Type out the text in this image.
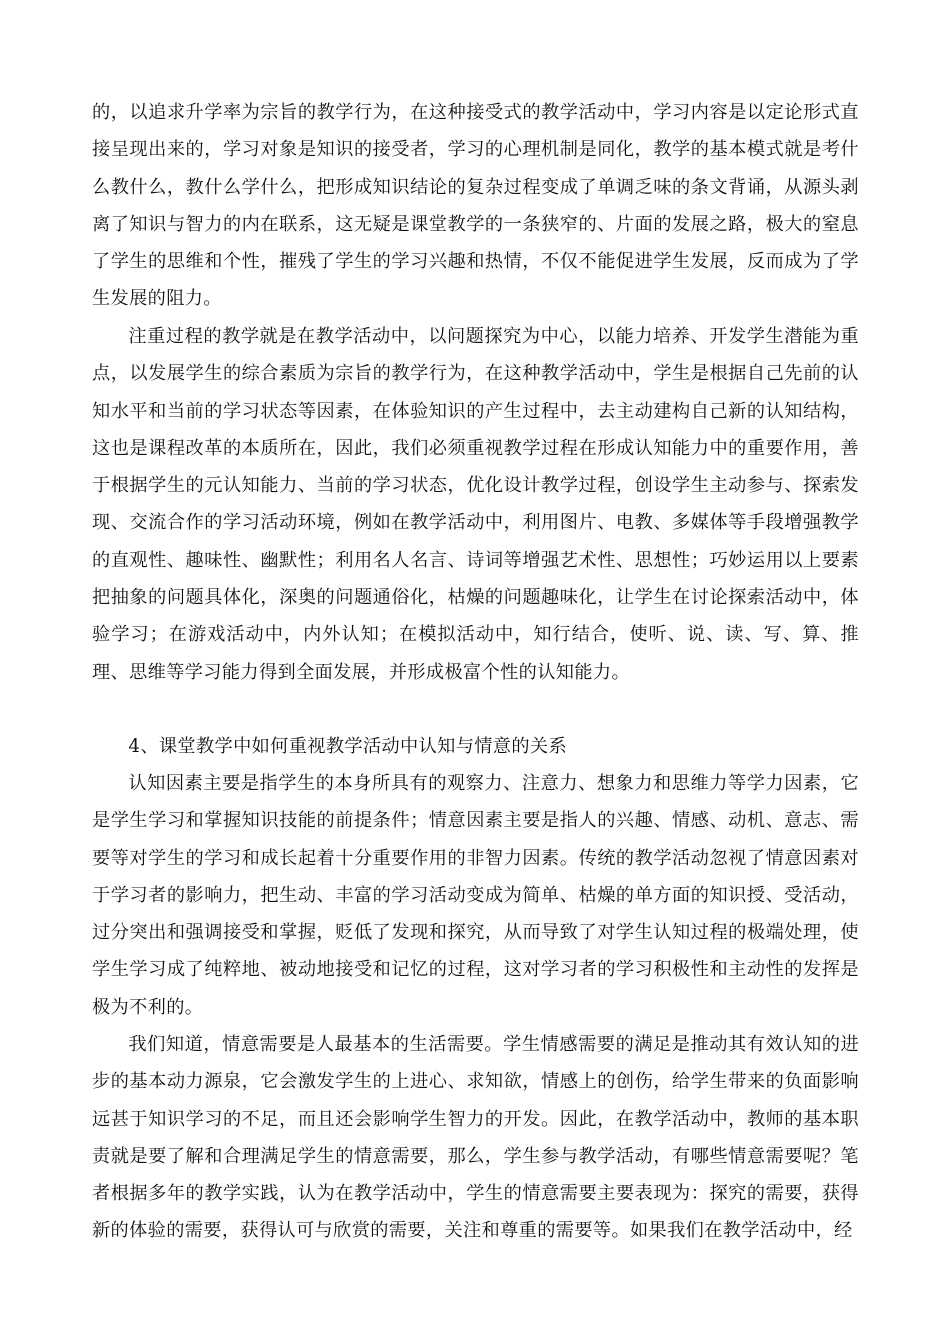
的，以追求升学率为宗旨的教学行为，在这种接受式的教学活动中，学习内容是以定论形式直接呈现出来的，学习对象是知识的接受者，学习的心理机制是同化，教学的基本模式就是考什么教什么，教什么学什么，把形成知识结论的复杂过程变成了单调乏味的条文背诵，从源头剥离了知识与智力的内在联系，这无疑是课堂教学的一条狭窄的、片面的发展之路，极大的窒息了学生的思维和个性，摧残了学生的学习兴趣和热情，不仅不能促进学生发展，反而成为了学生发展的阻力。
注重过程的教学就是在教学活动中，以问题探究为中心，以能力培养、开发学生潜能为重点，以发展学生的综合素质为宗旨的教学行为，在这种教学活动中，学生是根据自己先前的认知水平和当前的学习状态等因素，在体验知识的产生过程中，去主动建构自己新的认知结构，这也是课程改革的本质所在，因此，我们必须重视教学过程在形成认知能力中的重要作用，善于根据学生的元认知能力、当前的学习状态，优化设计教学过程，创设学生主动参与、探索发现、交流合作的学习活动环境，例如在教学活动中，利用图片、电教、多媒体等手段增强教学的直观性、趣味性、幽默性；利用名人名言、诗词等增强艺术性、思想性；巧妙运用以上要素把抽象的问题具体化，深奥的问题通俗化，枯燥的问题趣味化，让学生在讨论探索活动中，体验学习；在游戏活动中，内外认知；在模拟活动中，知行结合，使听、说、读、写、算、推理、思维等学习能力得到全面发展，并形成极富个性的认知能力。
4、课堂教学中如何重视教学活动中认知与情意的关系
认知因素主要是指学生的本身所具有的观察力、注意力、想象力和思维力等学力因素，它是学生学习和掌握知识技能的前提条件；情意因素主要是指人的兴趣、情感、动机、意志、需要等对学生的学习和成长起着十分重要作用的非智力因素。传统的教学活动忽视了情意因素对于学习者的影响力，把生动、丰富的学习活动变成为简单、枯燥的单方面的知识授、受活动，过分突出和强调接受和掌握，贬低了发现和探究，从而导致了对学生认知过程的极端处理，使学生学习成了纯粹地、被动地接受和记忆的过程，这对学习者的学习积极性和主动性的发挥是极为不利的。
我们知道，情意需要是人最基本的生活需要。学生情感需要的满足是推动其有效认知的进步的基本动力源泉，它会激发学生的上进心、求知欲，情感上的创伤，给学生带来的负面影响远甚于知识学习的不足，而且还会影响学生智力的开发。因此，在教学活动中，教师的基本职责就是要了解和合理满足学生的情意需要，那么，学生参与教学活动，有哪些情意需要呢？笔者根据多年的教学实践，认为在教学活动中，学生的情意需要主要表现为：探究的需要，获得新的体验的需要，获得认可与欣赏的需要，关注和尊重的需要等。如果我们在教学活动中，经
